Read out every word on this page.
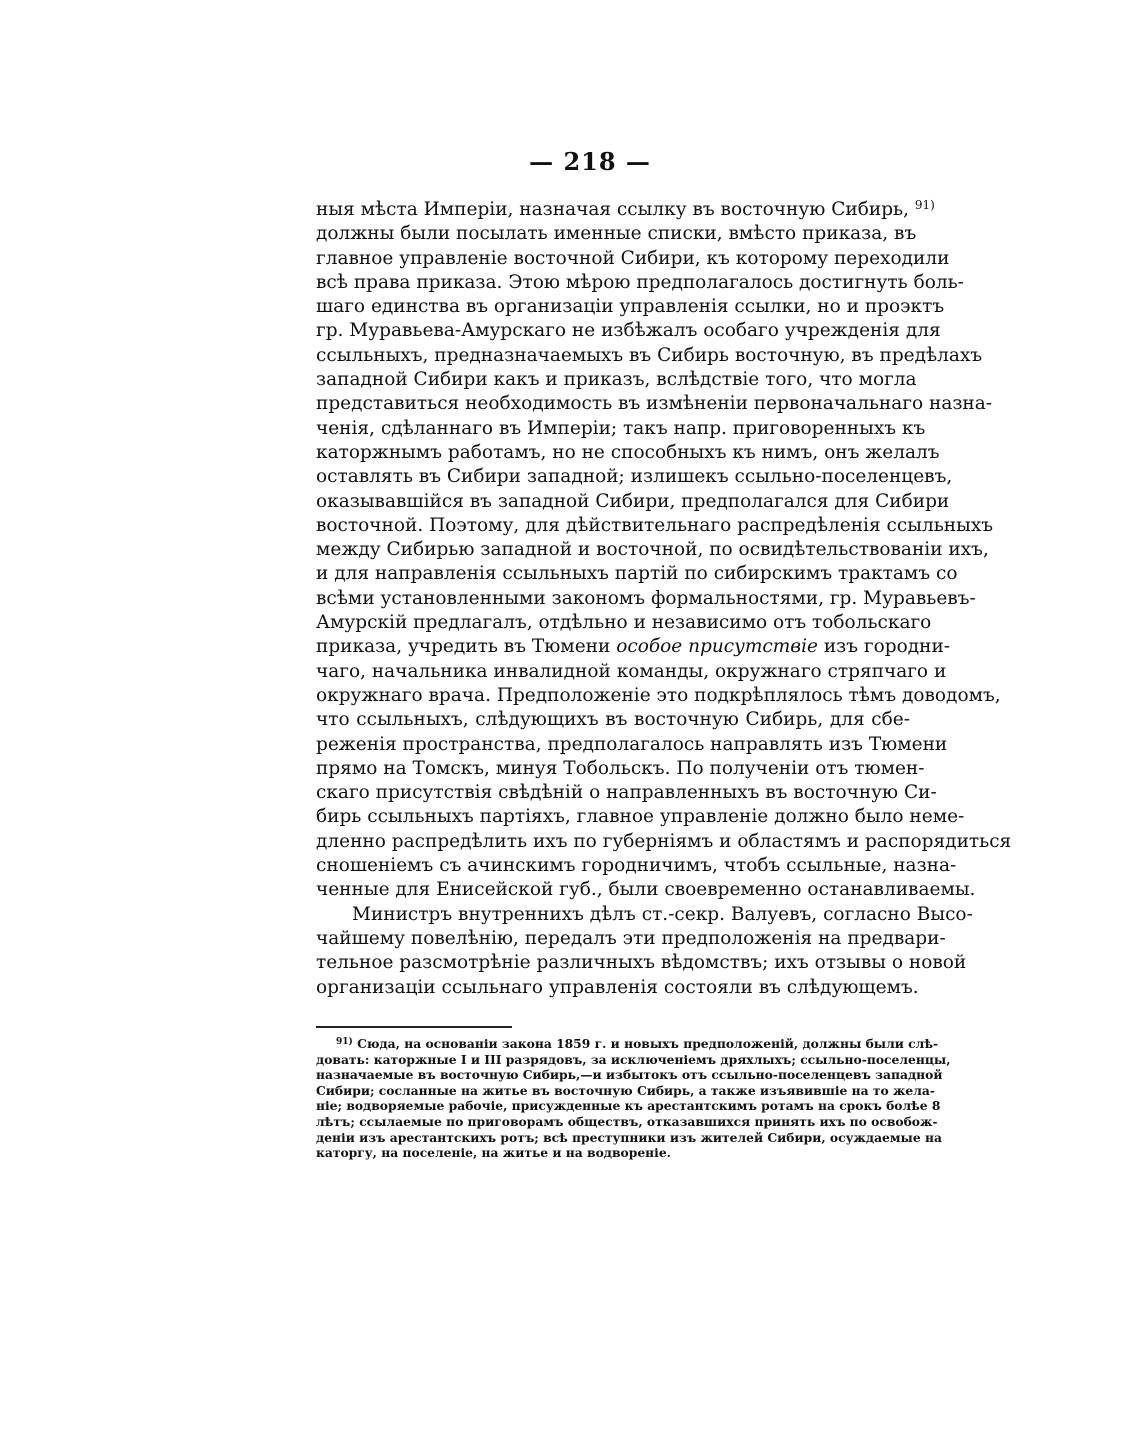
— 218 —
ныя мѣста Имперіи, назначая ссылку въ восточную Сибирь, $^{91)}$
должны были посылать именные списки, вмѣсто приказа, въ
главное управленіе восточной Сибири, къ которому переходили
всѣ права приказа. Этою мѣрою предполагалось достигнуть боль-
шаго единства въ организаціи управленія ссылки, но и проэктъ
гр. Муравьева-Амурскаго не избѣжалъ особаго учрежденія для
ссыльныхъ, предназначаемыхъ въ Сибирь восточную, въ предѣлахъ
западной Сибири какъ и приказъ, вслѣдствіе того, что могла
представиться необходимость въ измѣненіи первоначальнаго назна-
ченія, сдѣланнаго въ Имперіи; такъ напр. приговоренныхъ къ
каторжнымъ работамъ, но не способныхъ къ нимъ, онъ желалъ
оставлять въ Сибири западной; излишекъ ссыльно-поселенцевъ,
оказывавшійся въ западной Сибири, предполагался для Сибири
восточной. Поэтому, для дѣйствительнаго распредѣленія ссыльныхъ
между Сибирью западной и восточной, по освидѣтельствованіи ихъ,
и для направленія ссыльныхъ партій по сибирскимъ трактамъ со
всѣми установленными закономъ формальностями, гр. Муравьевъ-
Амурскій предлагалъ, отдѣльно и независимо отъ тобольскаго
приказа, учредить въ Тюмени особое присутствіе изъ городни-
чаго, начальника инвалидной команды, окружнаго стряпчаго и
окружнаго врача. Предположеніе это подкрѣплялось тѣмъ доводомъ,
что ссыльныхъ, слѣдующихъ въ восточную Сибирь, для сбе-
реженія пространства, предполагалось направлять изъ Тюмени
прямо на Томскъ, минуя Тобольскъ. По полученіи отъ тюмен-
скаго присутствія свѣдѣній о направленныхъ въ восточную Си-
бирь ссыльныхъ партіяхъ, главное управленіе должно было неме-
дленно распредѣлить ихъ по губерніямъ и областямъ и распорядиться
сношеніемъ съ ачинскимъ городничимъ, чтобъ ссыльные, назна-
ченные для Енисейской губ., были своевременно останавливаемы.
Министръ внутреннихъ дѣлъ ст.-секр. Валуевъ, согласно Высо-
чайшему повелѣнію, передалъ эти предположенія на предвари-
тельное разсмотрѣніе различныхъ вѣдомствъ; ихъ отзывы о новой
организаціи ссыльнаго управленія состояли въ слѣдующемъ.
$^{91)}$ Сюда, на основаніи закона 1859 г. и новыхъ предположеній, должны были слѣ-
довать: каторжные I и III разрядовъ, за исключеніемъ дряхлыхъ; ссыльно-поселенцы,
назначаемые въ восточную Сибирь,—и избытокъ отъ ссыльно-поселенцевъ западной
Сибири; сосланные на житье въ восточную Сибирь, а также изъявившіе на то жела-
ніе; водворяемые рабочіе, присужденные къ арестантскимъ ротамъ на срокъ болѣе 8
лѣтъ; ссылаемые по приговорамъ обществъ, отказавшихся принять ихъ по освобож-
деніи изъ арестантскихъ ротъ; всѣ преступники изъ жителей Сибири, осуждаемые на
каторгу, на поселеніе, на житье и на водвореніе.
